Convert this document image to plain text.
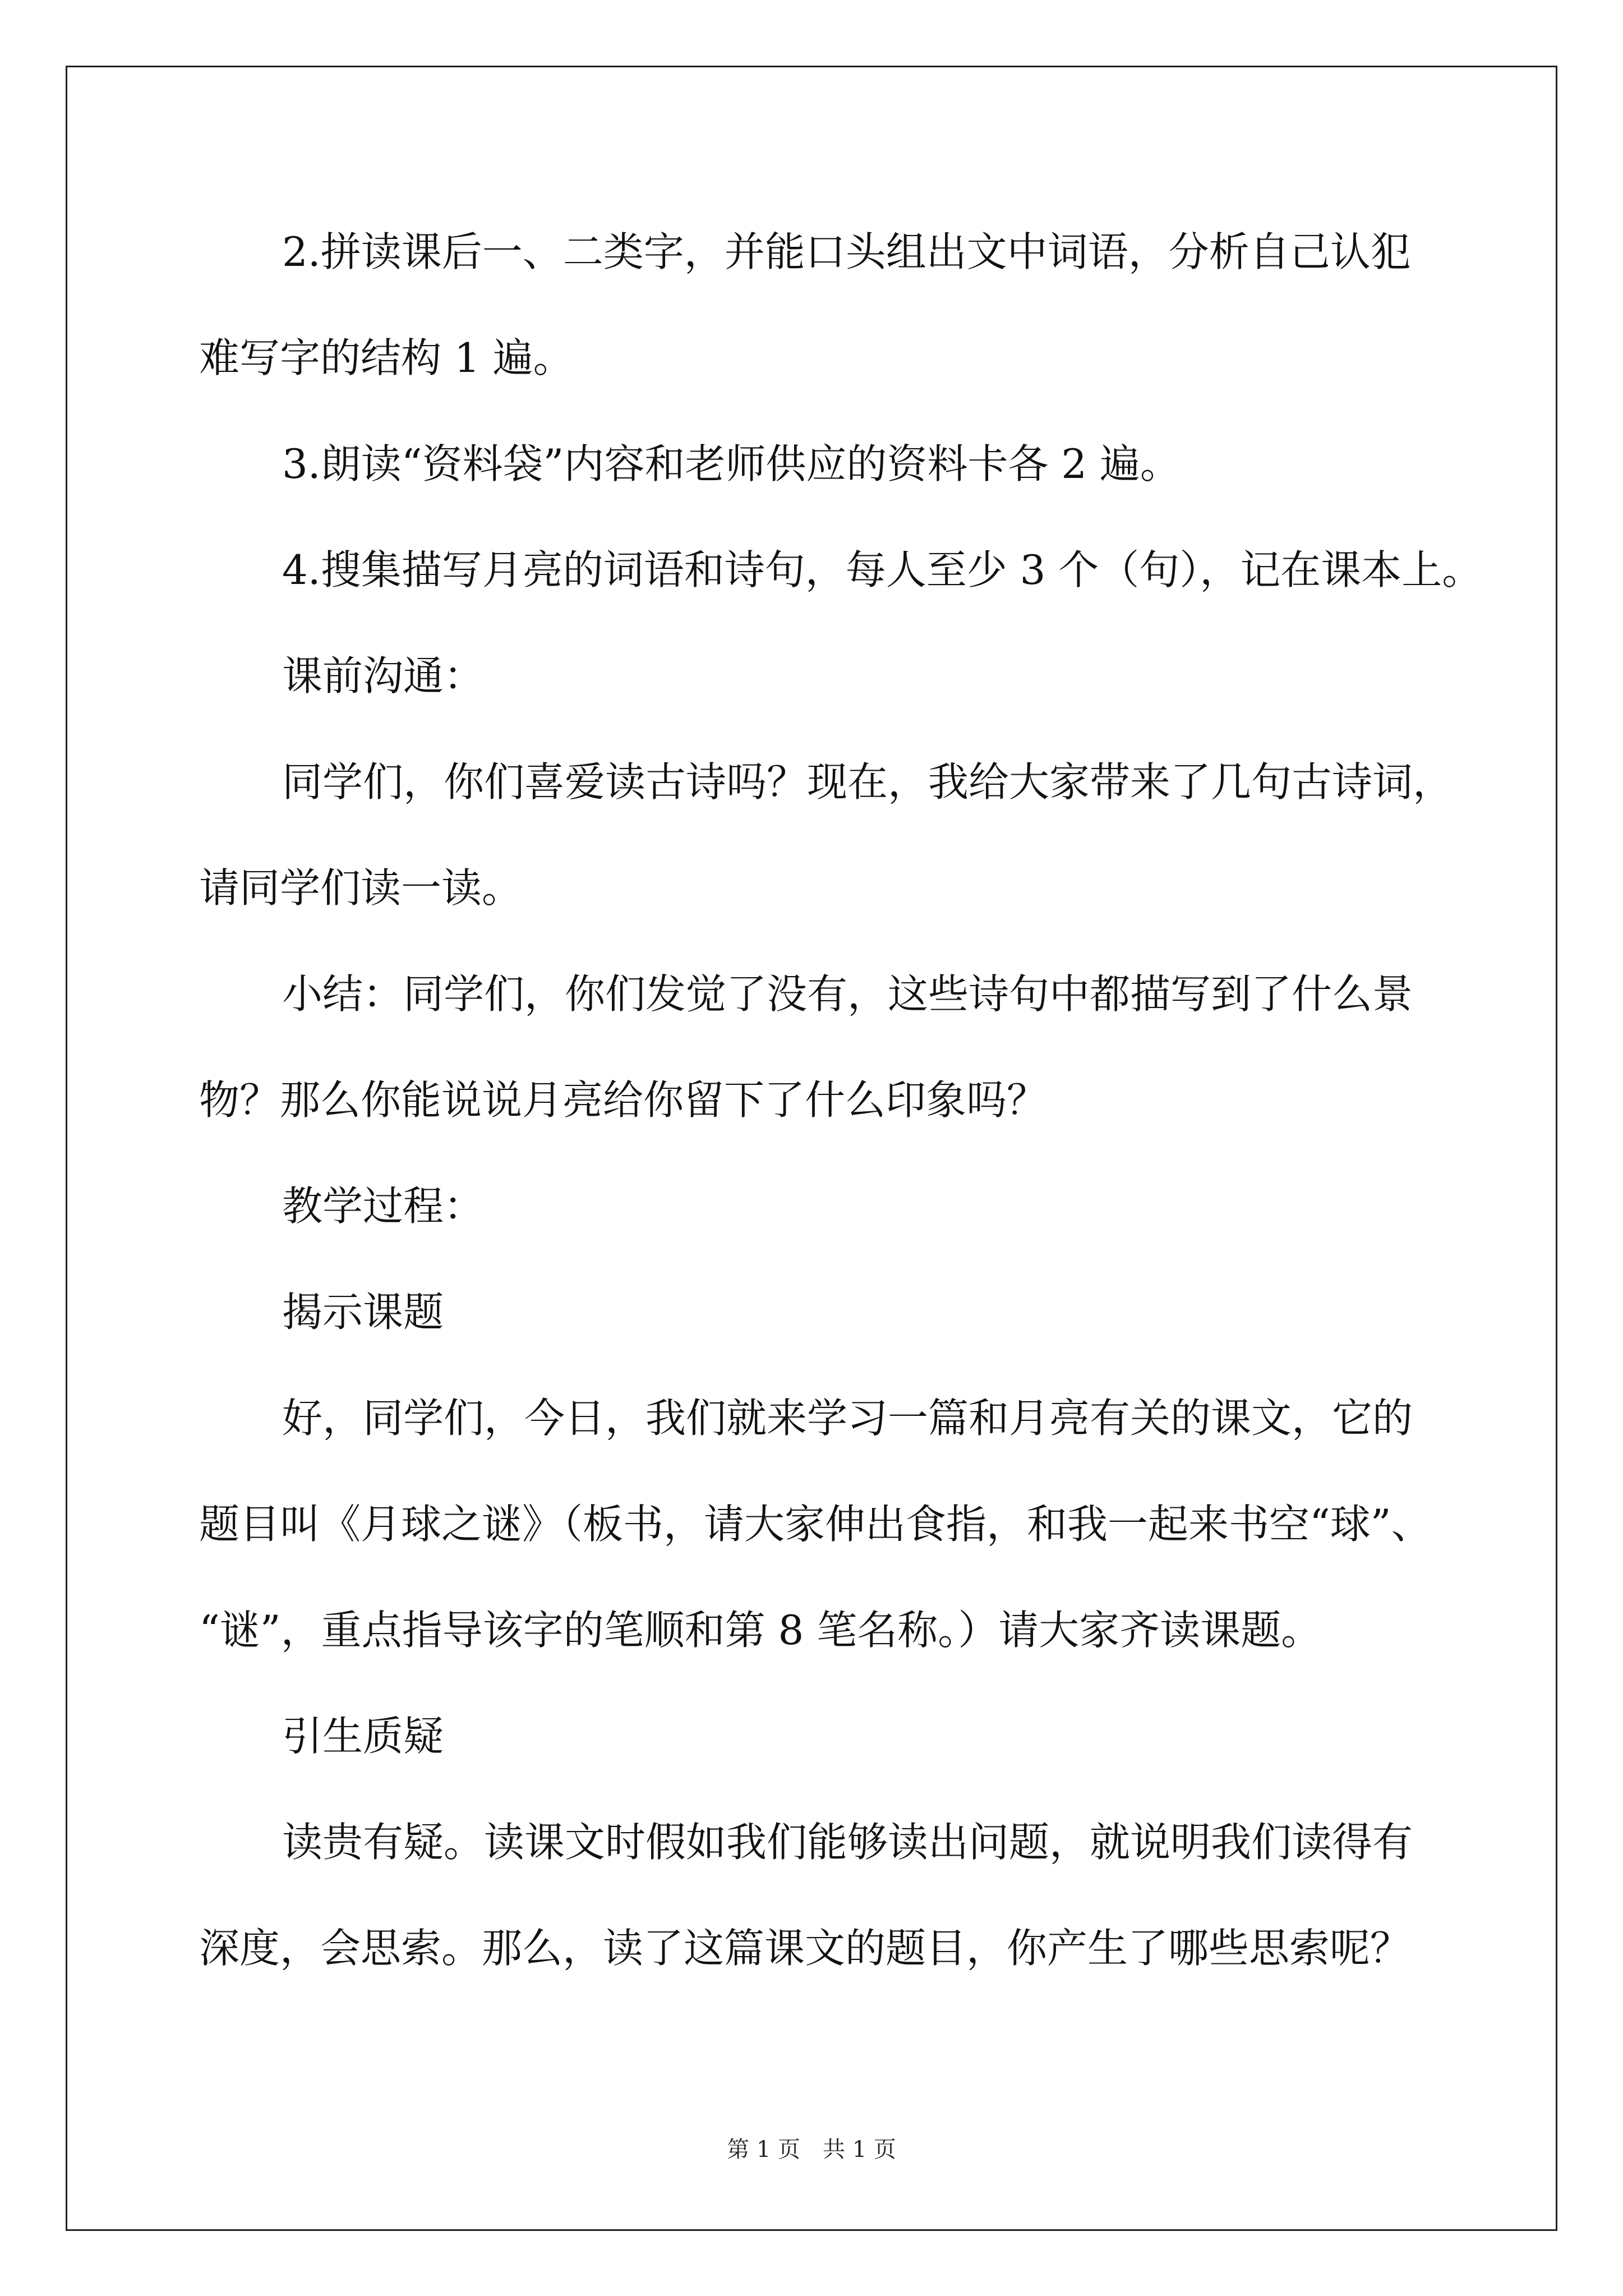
2.拼读课后一、二类字，并能口头组出文中词语，分析自己认犯
难写字的结构 1 遍。
3.朗读“资料袋”内容和老师供应的资料卡各 2 遍。
4.搜集描写月亮的词语和诗句，每人至少 3 个（句），记在课本上。
课前沟通：
同学们，你们喜爱读古诗吗？现在，我给大家带来了几句古诗词，
请同学们读一读。
小结：同学们，你们发觉了没有，这些诗句中都描写到了什么景
物？那么你能说说月亮给你留下了什么印象吗？
教学过程：
揭示课题
好，同学们，今日，我们就来学习一篇和月亮有关的课文，它的
题目叫《月球之谜》（板书，请大家伸出食指，和我一起来书空“球”、
“谜”，重点指导该字的笔顺和第 8 笔名称。）请大家齐读课题。
引生质疑
读贵有疑。读课文时假如我们能够读出问题，就说明我们读得有
深度，会思索。那么，读了这篇课文的题目，你产生了哪些思索呢？
第 1 页　共 1 页
